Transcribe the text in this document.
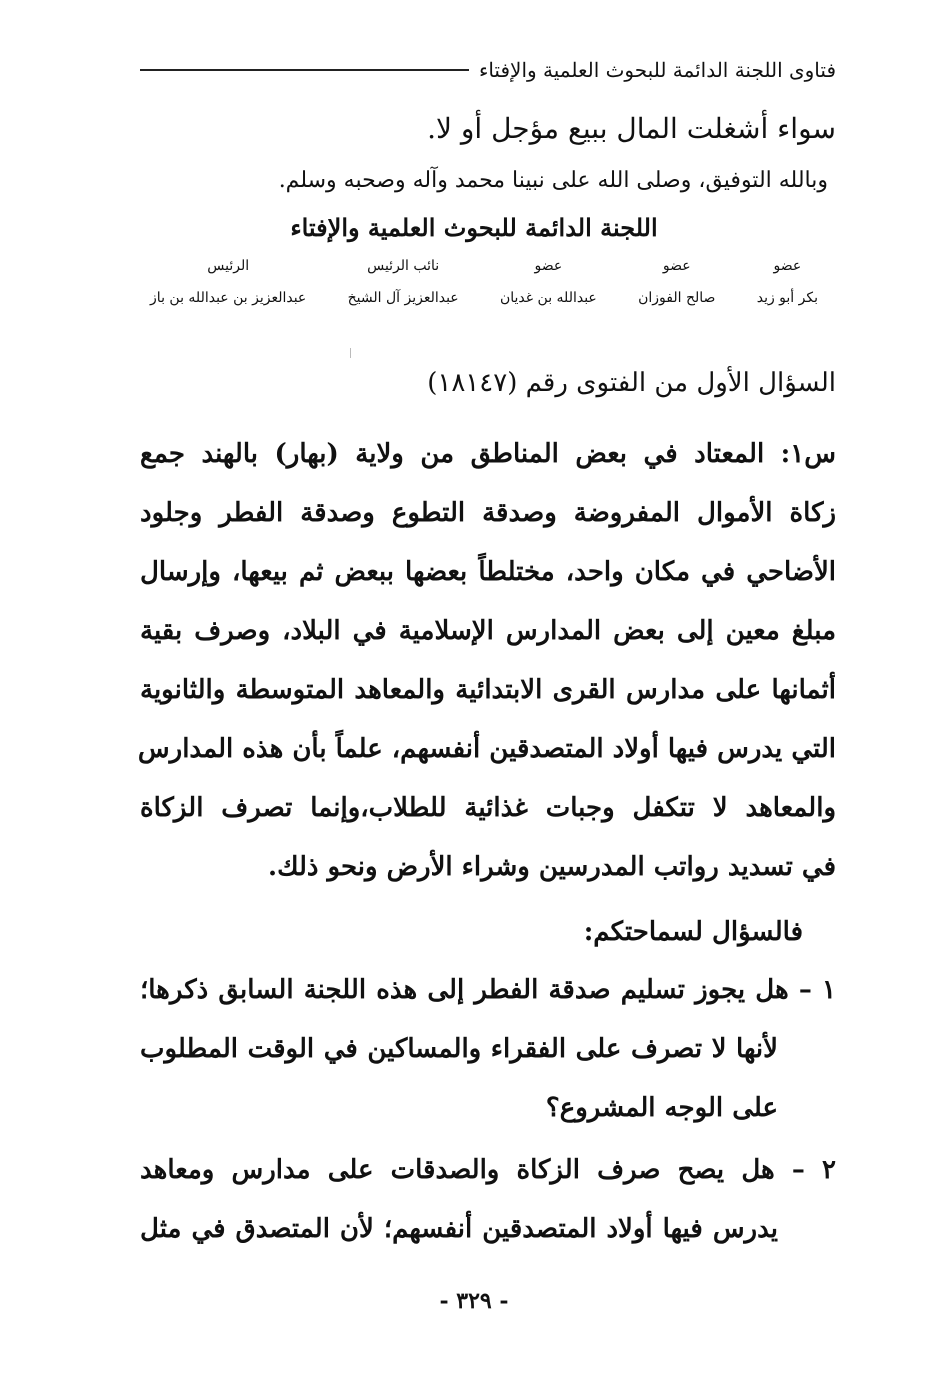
فتاوى اللجنة الدائمة للبحوث العلمية والإفتاء
سواء أشغلت المال ببيع مؤجل أو لا.
وبالله التوفيق، وصلى الله على نبينا محمد وآله وصحبه وسلم.
اللجنة الدائمة للبحوث العلمية والإفتاء
عضو
بكر أبو زيد
عضو
صالح الفوزان
عضو
عبدالله بن غديان
نائب الرئيس
عبدالعزيز آل الشيخ
الرئيس
عبدالعزيز بن عبدالله بن باز
السؤال الأول من الفتوى رقم (١٨١٤٧)
س١: المعتاد في بعض المناطق من ولاية (بهار) بالهند جمع
زكاة الأموال المفروضة وصدقة التطوع وصدقة الفطر وجلود
الأضاحي في مكان واحد، مختلطاً بعضها ببعض ثم بيعها، وإرسال
مبلغ معين إلى بعض المدارس الإسلامية في البلاد، وصرف بقية
أثمانها على مدارس القرى الابتدائية والمعاهد المتوسطة والثانوية
التي يدرس فيها أولاد المتصدقين أنفسهم، علماً بأن هذه المدارس
والمعاهد لا تتكفل وجبات غذائية للطلاب،وإنما تصرف الزكاة
في تسديد رواتب المدرسين وشراء الأرض ونحو ذلك.
فالسؤال لسماحتكم:
١ – هل يجوز تسليم صدقة الفطر إلى هذه اللجنة السابق ذكرها؛
لأنها لا تصرف على الفقراء والمساكين في الوقت المطلوب
على الوجه المشروع؟
٢ – هل يصح صرف الزكاة والصدقات على مدارس ومعاهد
يدرس فيها أولاد المتصدقين أنفسهم؛ لأن المتصدق في مثل
- ٣٢٩ -
